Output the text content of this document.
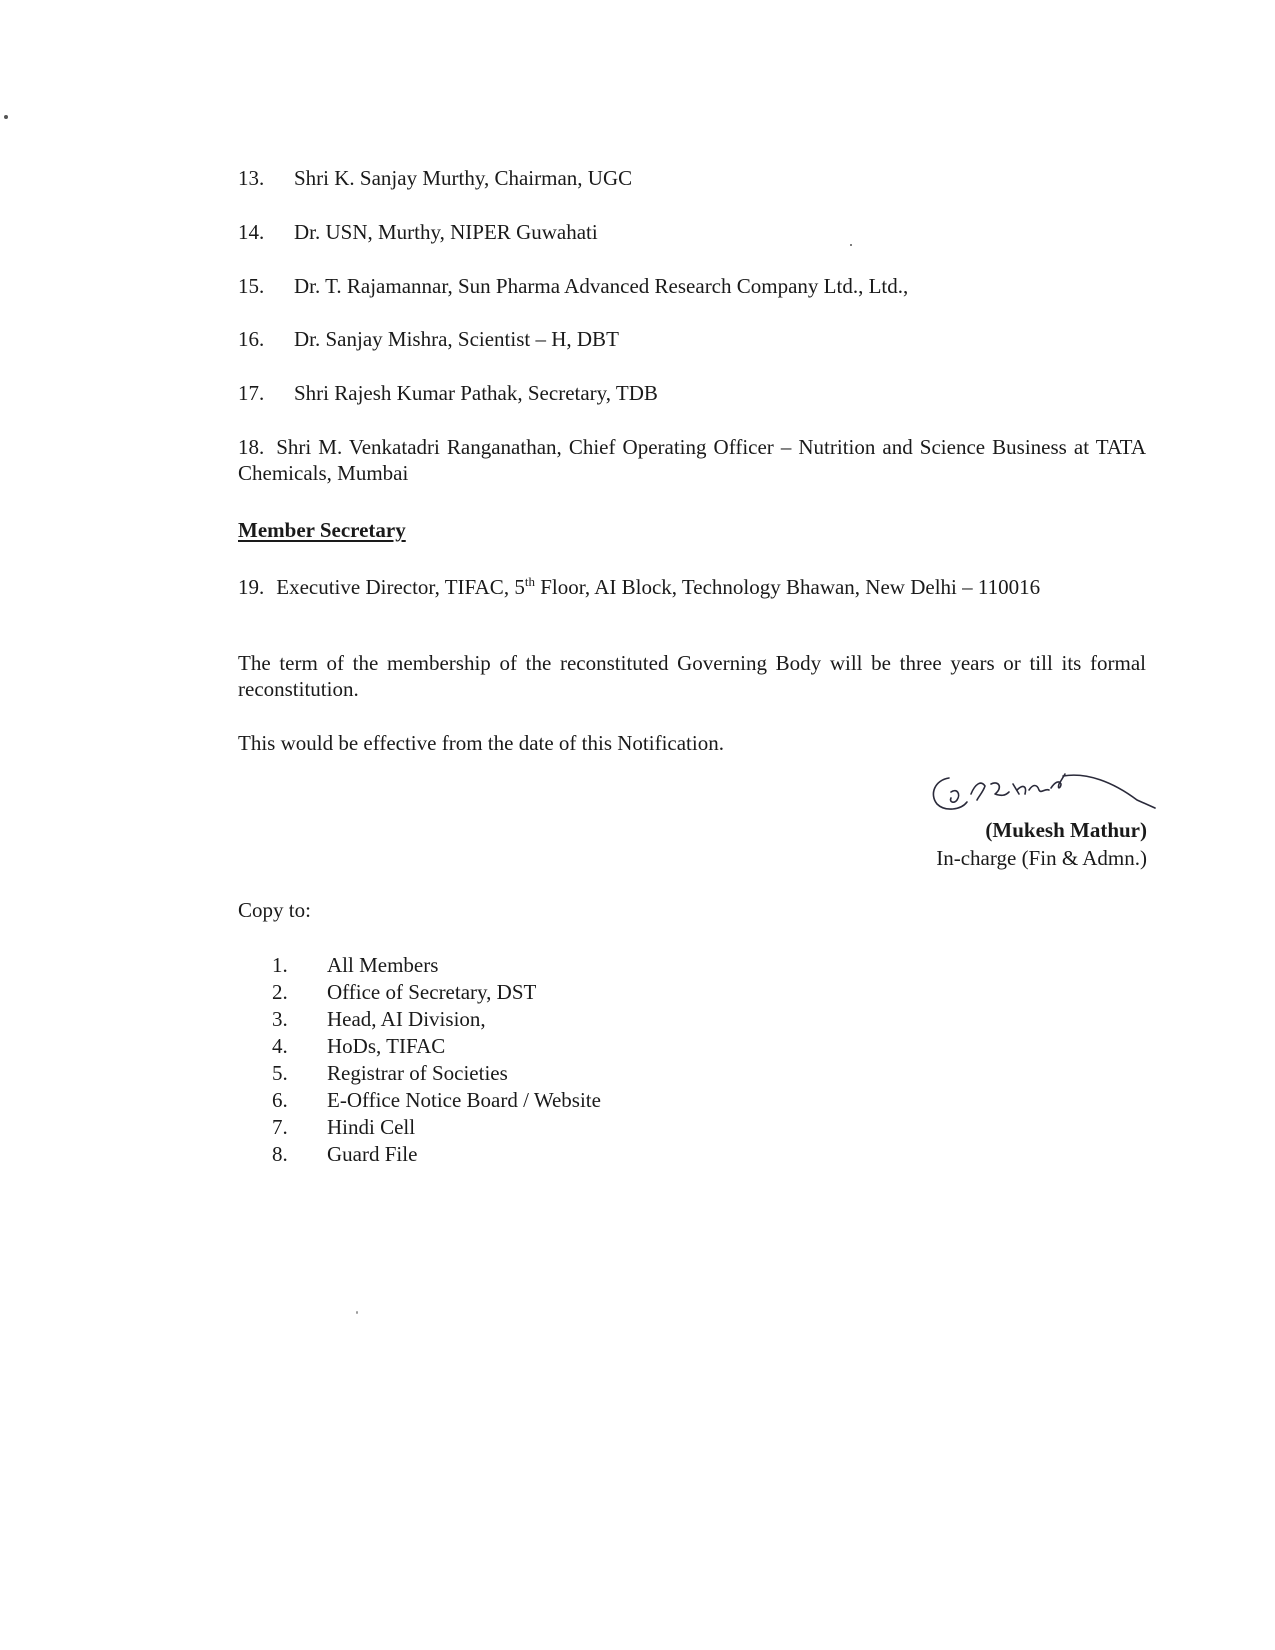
13. Shri K. Sanjay Murthy, Chairman, UGC
14. Dr. USN, Murthy, NIPER Guwahati
15. Dr. T. Rajamannar, Sun Pharma Advanced Research Company Ltd., Ltd.,
16. Dr. Sanjay Mishra, Scientist – H, DBT
17. Shri Rajesh Kumar Pathak, Secretary, TDB
18. Shri M. Venkatadri Ranganathan, Chief Operating Officer – Nutrition and Science Business at TATA Chemicals, Mumbai
Member Secretary
19. Executive Director, TIFAC, 5th Floor, AI Block, Technology Bhawan, New Delhi – 110016
The term of the membership of the reconstituted Governing Body will be three years or till its formal reconstitution.
This would be effective from the date of this Notification.
(Mukesh Mathur)
In-charge (Fin & Admn.)
Copy to:
1. All Members
2. Office of Secretary, DST
3. Head, AI Division,
4. HoDs, TIFAC
5. Registrar of Societies
6. E-Office Notice Board / Website
7. Hindi Cell
8. Guard File
